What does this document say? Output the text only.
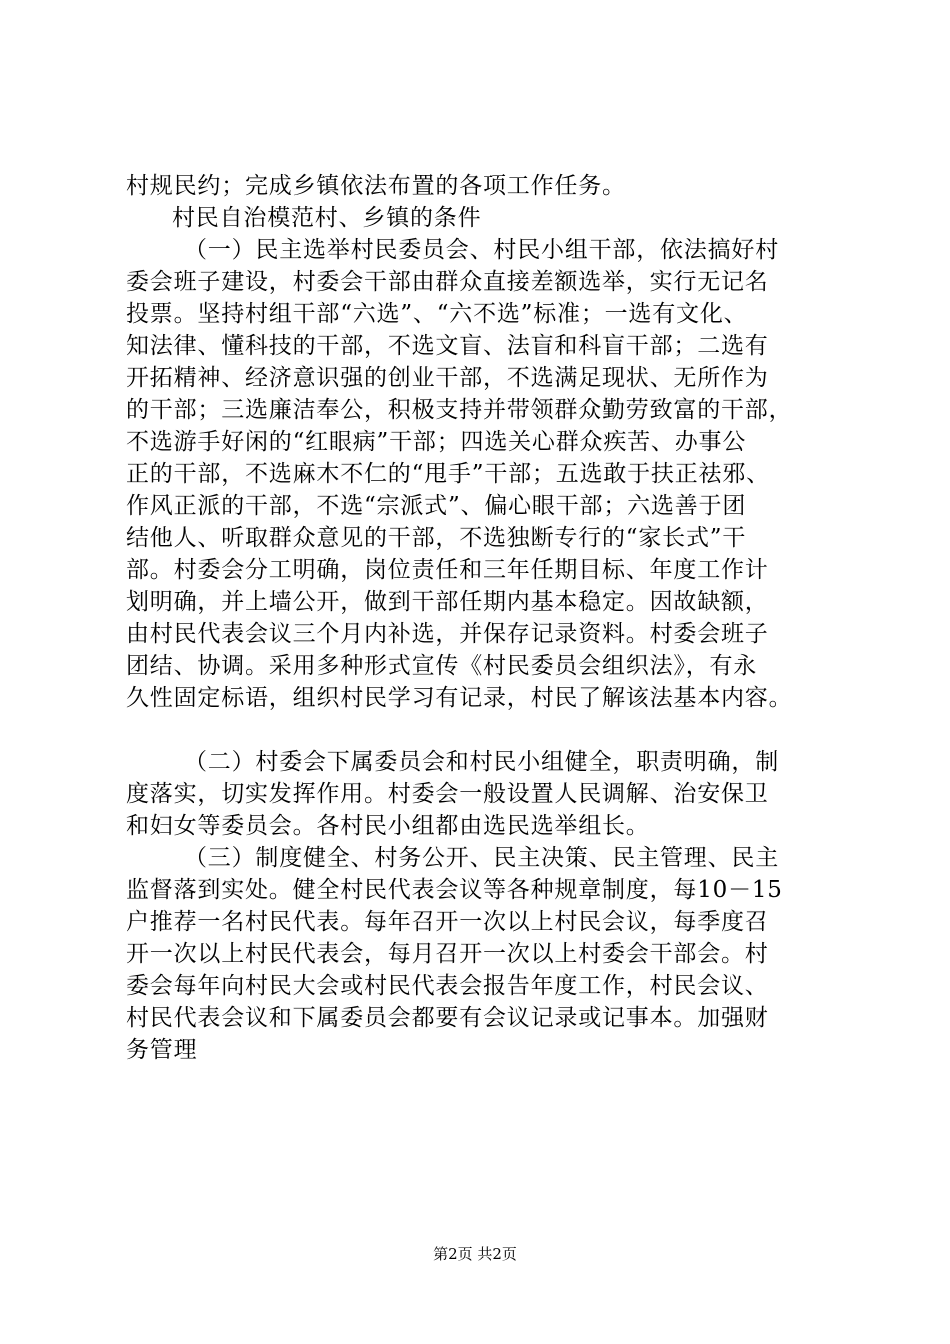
村规民约；完成乡镇依法布置的各项工作任务。
村民自治模范村、乡镇的条件
（一）民主选举村民委员会、村民小组干部，依法搞好村
委会班子建设，村委会干部由群众直接差额选举，实行无记名
投票。坚持村组干部“六选”、“六不选”标准；一选有文化、
知法律、懂科技的干部，不选文盲、法盲和科盲干部；二选有
开拓精神、经济意识强的创业干部，不选满足现状、无所作为
的干部；三选廉洁奉公，积极支持并带领群众勤劳致富的干部，
不选游手好闲的“红眼病”干部；四选关心群众疾苦、办事公
正的干部，不选麻木不仁的“甩手”干部；五选敢于扶正祛邪、
作风正派的干部，不选“宗派式”、偏心眼干部；六选善于团
结他人、听取群众意见的干部，不选独断专行的“家长式”干
部。村委会分工明确，岗位责任和三年任期目标、年度工作计
划明确，并上墙公开，做到干部任期内基本稳定。因故缺额，
由村民代表会议三个月内补选，并保存记录资料。村委会班子
团结、协调。采用多种形式宣传《村民委员会组织法》，有永
久性固定标语，组织村民学习有记录，村民了解该法基本内容。
（二）村委会下属委员会和村民小组健全，职责明确，制
度落实，切实发挥作用。村委会一般设置人民调解、治安保卫
和妇女等委员会。各村民小组都由选民选举组长。
（三）制度健全、村务公开、民主决策、民主管理、民主
监督落到实处。健全村民代表会议等各种规章制度，每10－15
户推荐一名村民代表。每年召开一次以上村民会议，每季度召
开一次以上村民代表会，每月召开一次以上村委会干部会。村
委会每年向村民大会或村民代表会报告年度工作，村民会议、
村民代表会议和下属委员会都要有会议记录或记事本。加强财
务管理
第2页 共2页
